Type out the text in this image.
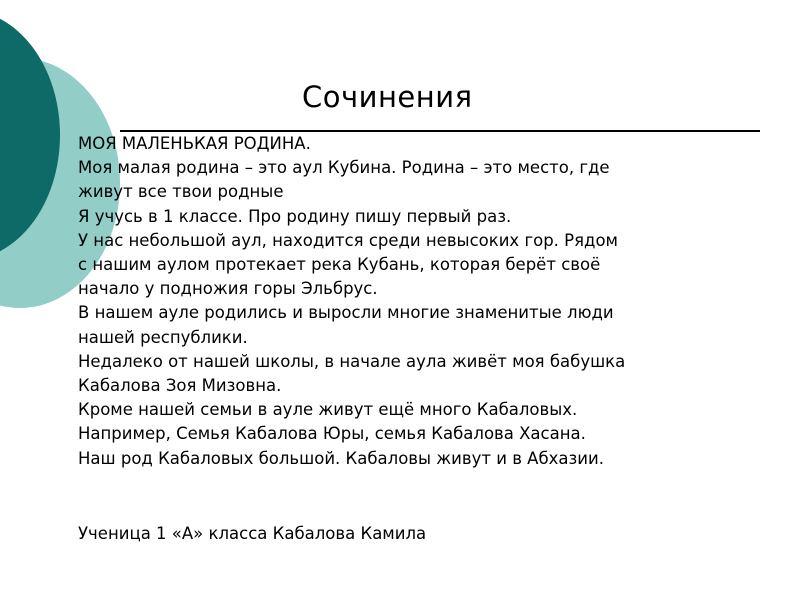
Сочинения
МОЯ МАЛЕНЬКАЯ РОДИНА.
Моя малая родина – это аул Кубина. Родина – это место, где
живут все твои родные
Я учусь в 1 классе. Про родину пишу первый раз.
У нас небольшой аул, находится среди невысоких гор. Рядом
с нашим аулом протекает река Кубань, которая берёт своё
начало у подножия горы Эльбрус.
В нашем ауле родились и выросли многие знаменитые люди
нашей республики.
Недалеко от нашей школы, в начале аула живёт моя бабушка
Кабалова Зоя Мизовна.
Кроме нашей семьи в ауле живут ещё много Кабаловых.
Например, Семья Кабалова Юры, семья Кабалова Хасана.
Наш род Кабаловых большой. Кабаловы живут и в Абхазии.
Ученица 1 «А» класса Кабалова Камила
